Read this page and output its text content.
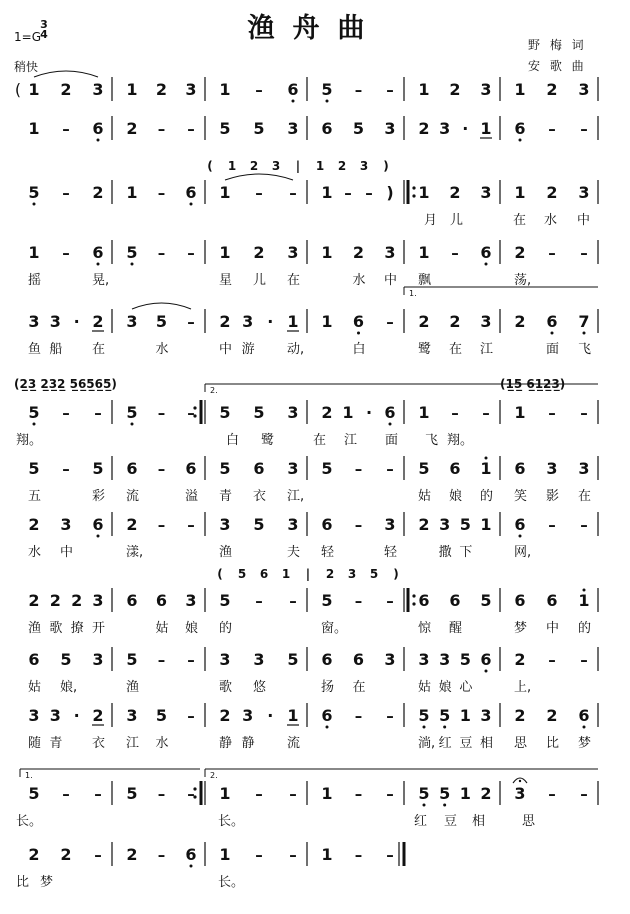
渔舟曲
1=G
3
4
稍快
野 梅 词
安 歌 曲
1 2 3 1 2 3 1 – 6 5 – – 1 2 3 1 2 3
(
1 – 6 2 – – 5 5 3 6 5 3 2 3 · 1 6 – –
5 – 2 1 – 6 1 – – 1 – – ) 1 2 3 1 2 3
( 1 2 3 | 1 2 3 )
月 儿	在 水 中
1 – 6 5 – – 1 2 3 1 2 3 1 – 6 2 – –
摇	晃,	星 儿 在	水 中 飘	荡,
3 3 · 2 3 5 – 2 3 · 1 1 6 – 2 2 3 2 6 7
1.
鱼 船 在	水	中 游 动,	白	鹭 在 江	面 飞
5 – – 5 – – 5 5 3 2 1 · 6 1 – – 1 – –
(2̲3̲ 2̲3̲2̲ 5̲6̲5̲6̲5̲)	(1̲5̲ 6̲1̲2̲3̲)
2.
翔。	白 鹭	在 江 面 飞 翔。
5 – 5 6 – 6 5 6 3 5 – – 5 6 1 6 3 3
五	彩 流	溢 青 衣 江,	姑 娘 的 笑 影 在
2 3 6 2 – – 3 5 3 6 – 3 2 3 5 1 6 – –
水 中	漾,	渔	夫 轻	轻	撒 下	网,
2 2 2 3 6 6 3 5 – – 5 – – 6 6 5 6 6 1
( 5 6 1 | 2 3 5 )
渔 歌 撩 开	姑 娘 的	窗。	惊 醒	梦 中 的
6 5 3 5 – – 3 3 5 6 6 3 3 3 5 6 2 – –
姑 娘,	渔	歌 悠	扬 在	姑 娘 心	上,
3 3 · 2 3 5 – 2 3 · 1 6 – – 5 5 1 3 2 2 6
随 青 衣 江 水	静 静 流	淌, 红 豆 相 思 比 梦
5 – – 5 – – 1 – – 1 – – 5 5 1 2 3 – –
1.	2.
长。	长。	红 豆 相	思
2 2 – 2 – 6 1 – – 1 – –
比 梦	长。
